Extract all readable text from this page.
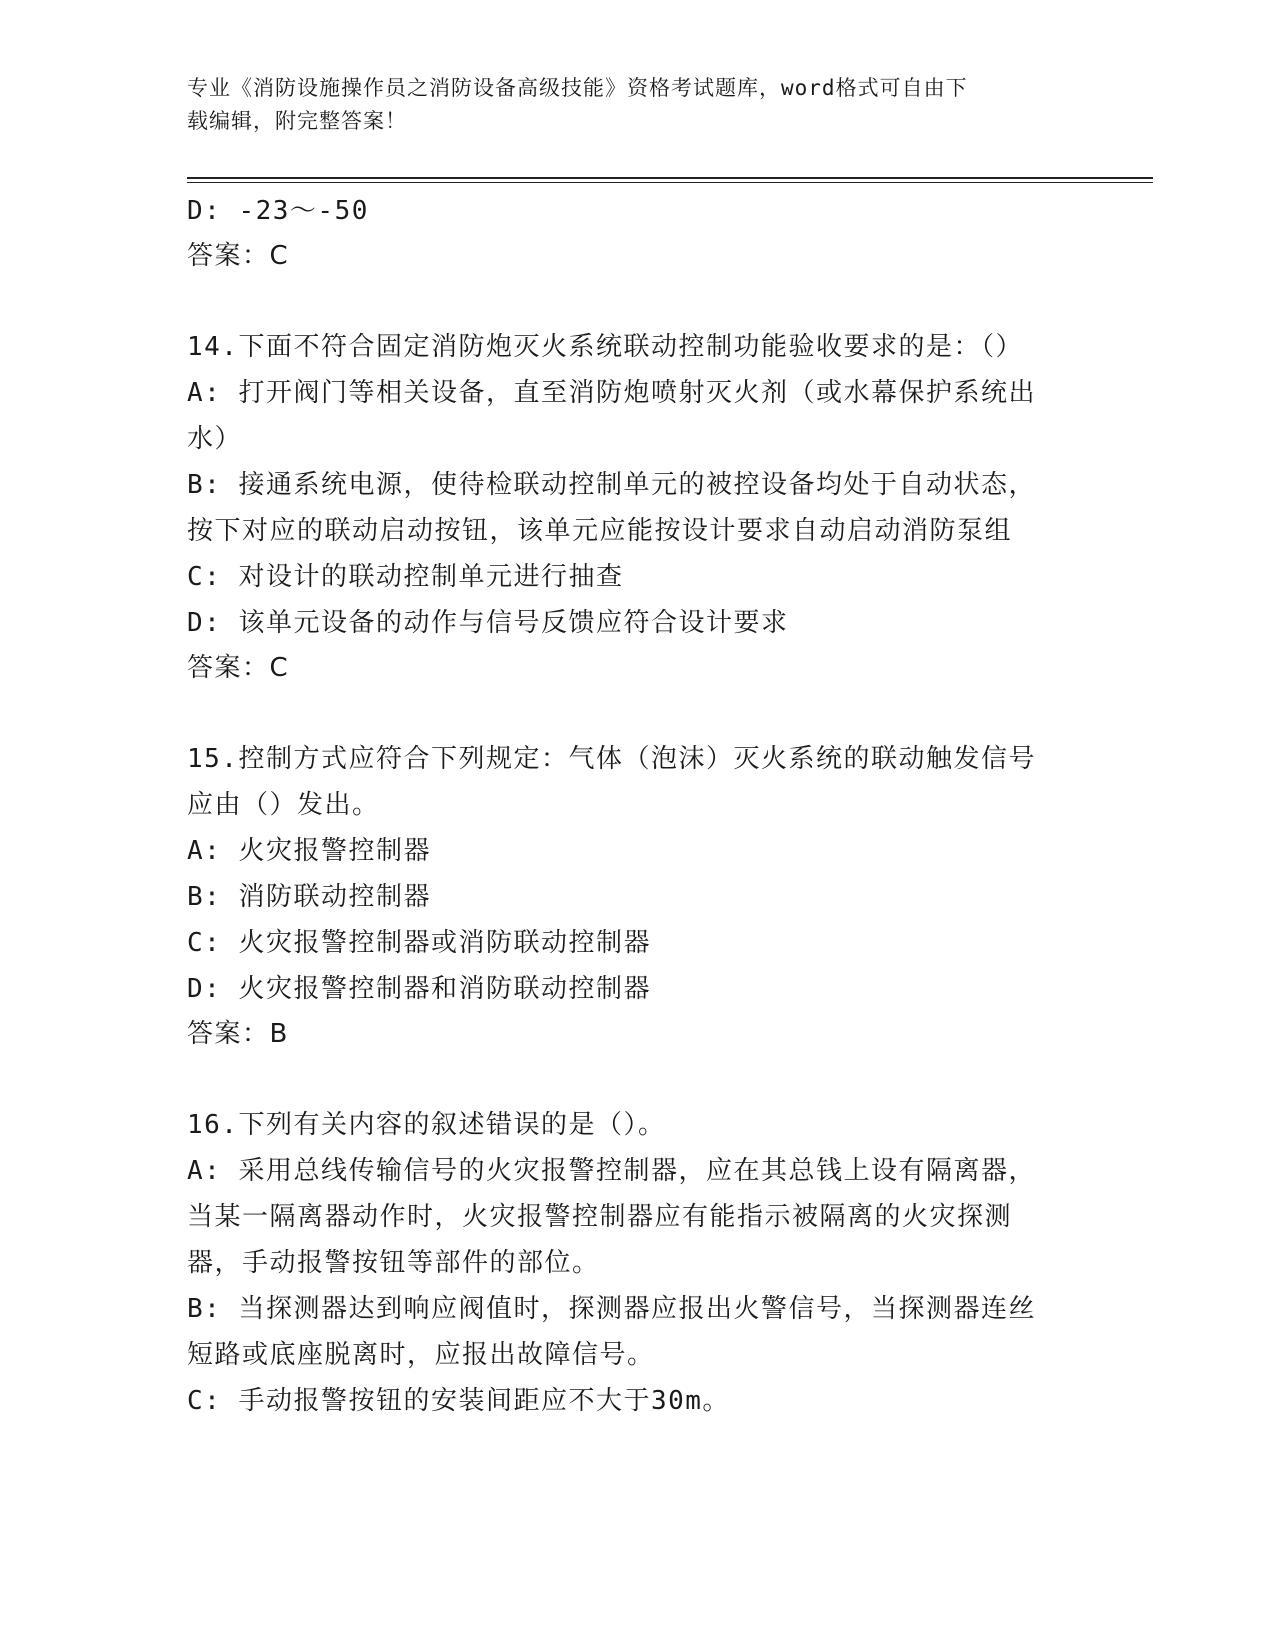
专业《消防设施操作员之消防设备高级技能》资格考试题库，word格式可自由下
载编辑，附完整答案！
D: -23～-50
答案：C
14.下面不符合固定消防炮灭火系统联动控制功能验收要求的是：（）
A: 打开阀门等相关设备，直至消防炮喷射灭火剂（或水幕保护系统出
水）
B: 接通系统电源，使待检联动控制单元的被控设备均处于自动状态，
按下对应的联动启动按钮，该单元应能按设计要求自动启动消防泵组
C: 对设计的联动控制单元进行抽查
D: 该单元设备的动作与信号反馈应符合设计要求
答案：C
15.控制方式应符合下列规定：气体（泡沫）灭火系统的联动触发信号
应由（）发出。
A: 火灾报警控制器
B: 消防联动控制器
C: 火灾报警控制器或消防联动控制器
D: 火灾报警控制器和消防联动控制器
答案：B
16.下列有关内容的叙述错误的是（）。
A: 采用总线传输信号的火灾报警控制器，应在其总钱上设有隔离器，
当某一隔离器动作时，火灾报警控制器应有能指示被隔离的火灾探测
器，手动报警按钮等部件的部位。
B: 当探测器达到响应阀值时，探测器应报出火警信号，当探测器连丝
短路或底座脱离时，应报出故障信号。
C: 手动报警按钮的安装间距应不大于30m。
